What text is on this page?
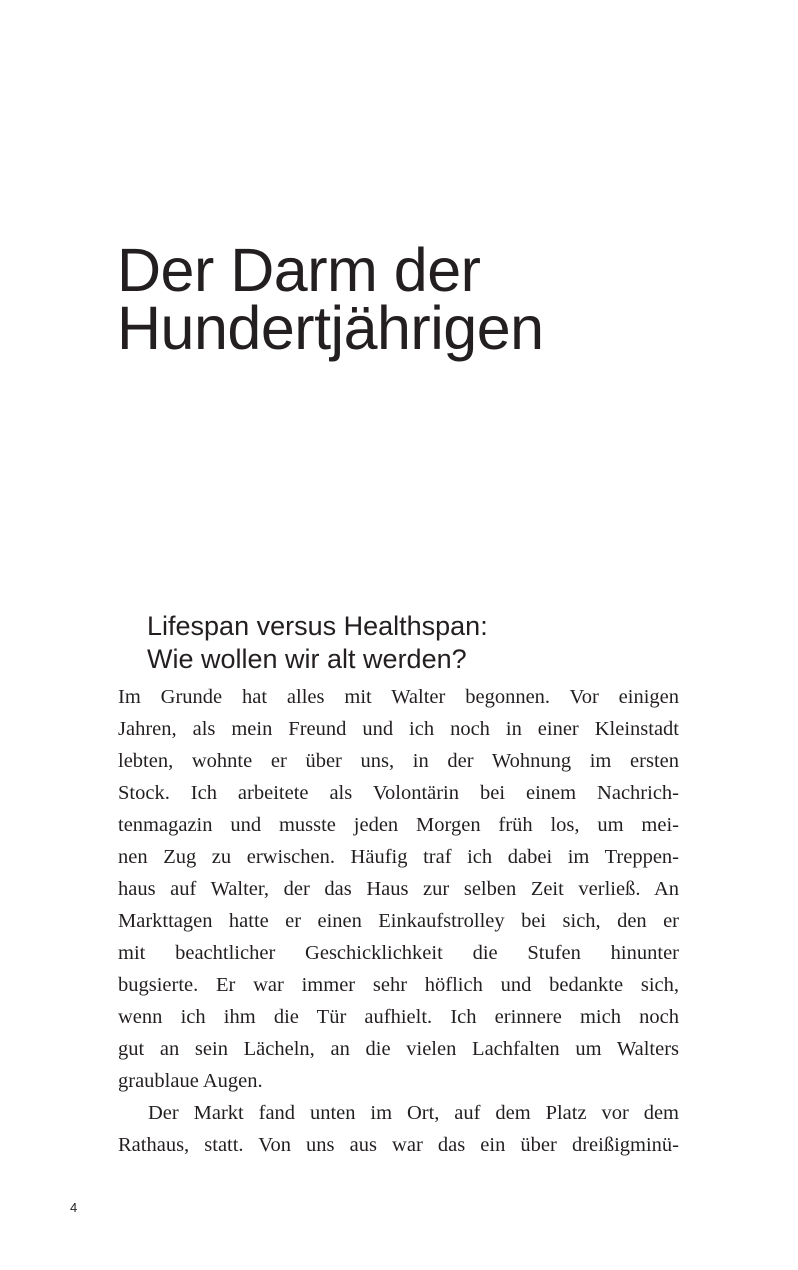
Der Darm der
Hundertjährigen
Lifespan versus Healthspan:
Wie wollen wir alt werden?
Im Grunde hat alles mit Walter begonnen. Vor einigen
Jahren, als mein Freund und ich noch in einer Kleinstadt
lebten, wohnte er über uns, in der Wohnung im ersten
Stock. Ich arbeitete als Volontärin bei einem Nachrich-
tenmagazin und musste jeden Morgen früh los, um mei-
nen Zug zu erwischen. Häufig traf ich dabei im Treppen-
haus auf Walter, der das Haus zur selben Zeit verließ. An
Markttagen hatte er einen Einkaufstrolley bei sich, den er
mit beachtlicher Geschicklichkeit die Stufen hinunter
bugsierte. Er war immer sehr höflich und bedankte sich,
wenn ich ihm die Tür aufhielt. Ich erinnere mich noch
gut an sein Lächeln, an die vielen Lachfalten um Walters
graublaue Augen.
Der Markt fand unten im Ort, auf dem Platz vor dem
Rathaus, statt. Von uns aus war das ein über dreißigminü-
4
